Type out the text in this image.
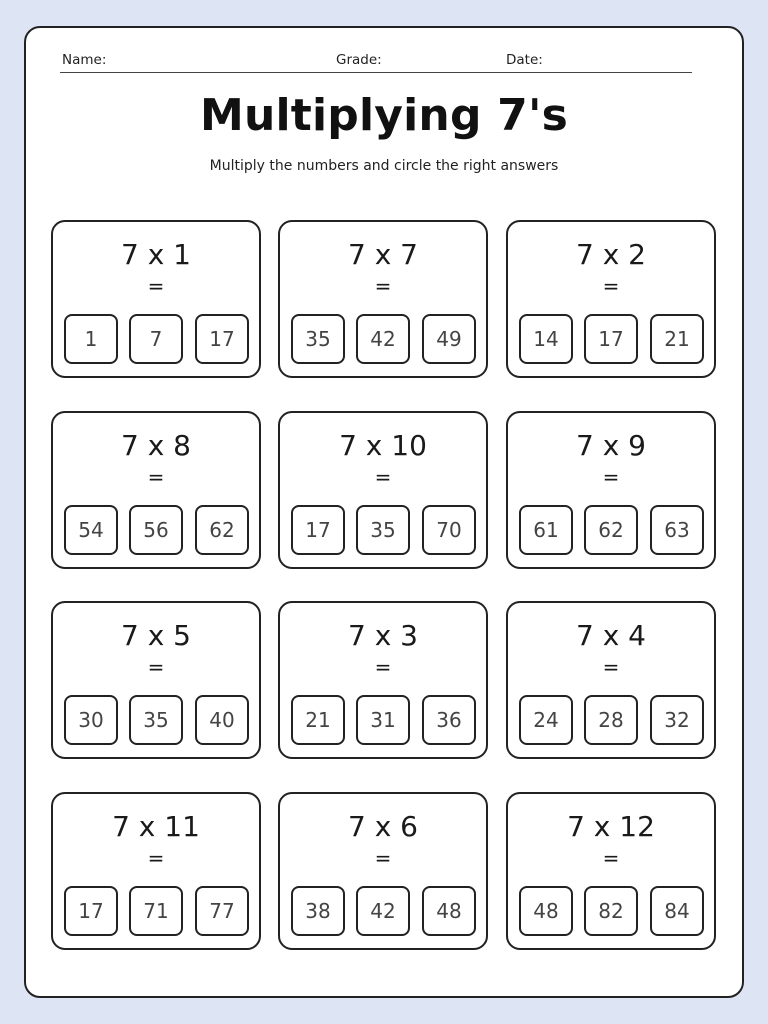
Name:	Grade:	Date:
Multiplying 7's
Multiply the numbers and circle the right answers
7 x 1
=
1	7	17
7 x 7
=
35	42	49
7 x 2
=
14	17	21
7 x 8
=
54	56	62
7 x 10
=
17	35	70
7 x 9
=
61	62	63
7 x 5
=
30	35	40
7 x 3
=
21	31	36
7 x 4
=
24	28	32
7 x 11
=
17	71	77
7 x 6
=
38	42	48
7 x 12
=
48	82	84
